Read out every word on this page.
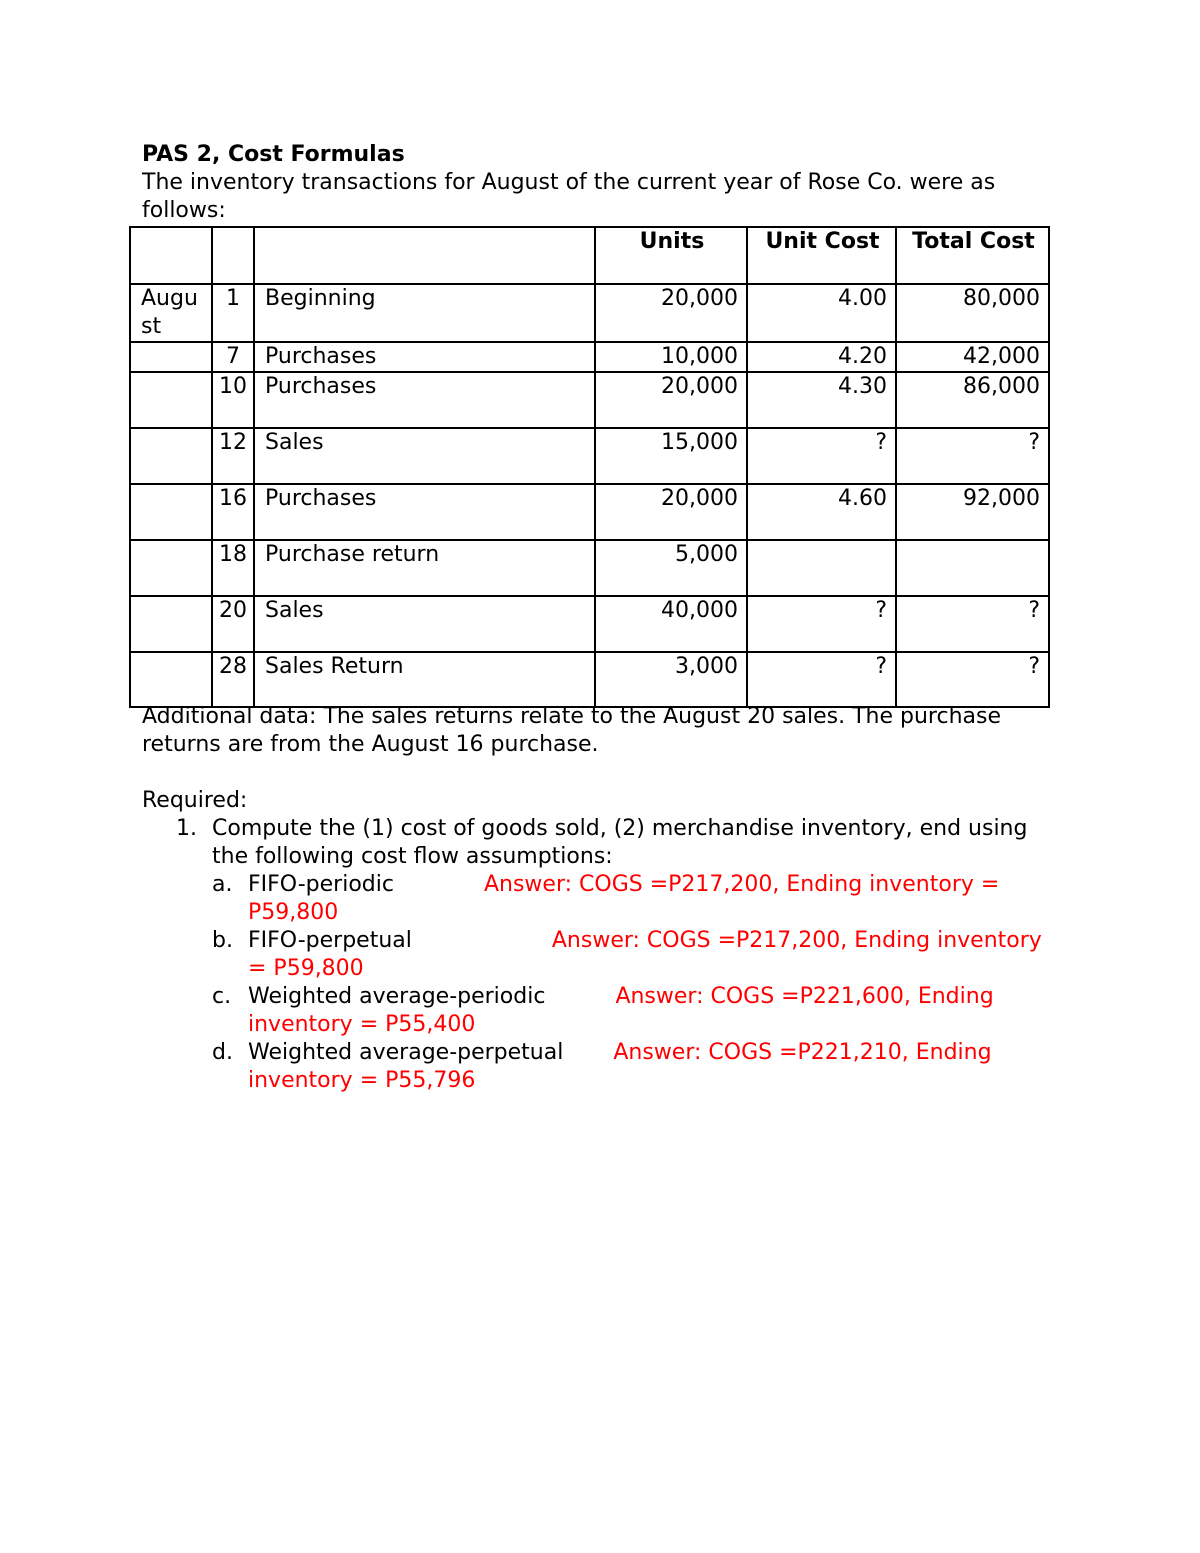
PAS 2, Cost Formulas
The inventory transactions for August of the current year of Rose Co. were as follows:
			Units	Unit Cost	Total Cost
August	1	Beginning	20,000	4.00	80,000
	7	Purchases	10,000	4.20	42,000
	10	Purchases	20,000	4.30	86,000
	12	Sales	15,000	?	?
	16	Purchases	20,000	4.60	92,000
	18	Purchase return	5,000		
	20	Sales	40,000	?	?
	28	Sales Return	3,000	?	?
Additional data: The sales returns relate to the August 20 sales. The purchase returns are from the August 16 purchase.
Required:
1. Compute the (1) cost of goods sold, (2) merchandise inventory, end using the following cost flow assumptions:
a. FIFO-periodic	Answer: COGS =P217,200, Ending inventory = P59,800
b. FIFO-perpetual	Answer: COGS =P217,200, Ending inventory = P59,800
c. Weighted average-periodic	Answer: COGS =P221,600, Ending inventory = P55,400
d. Weighted average-perpetual Answer: COGS =P221,210, Ending inventory = P55,796
